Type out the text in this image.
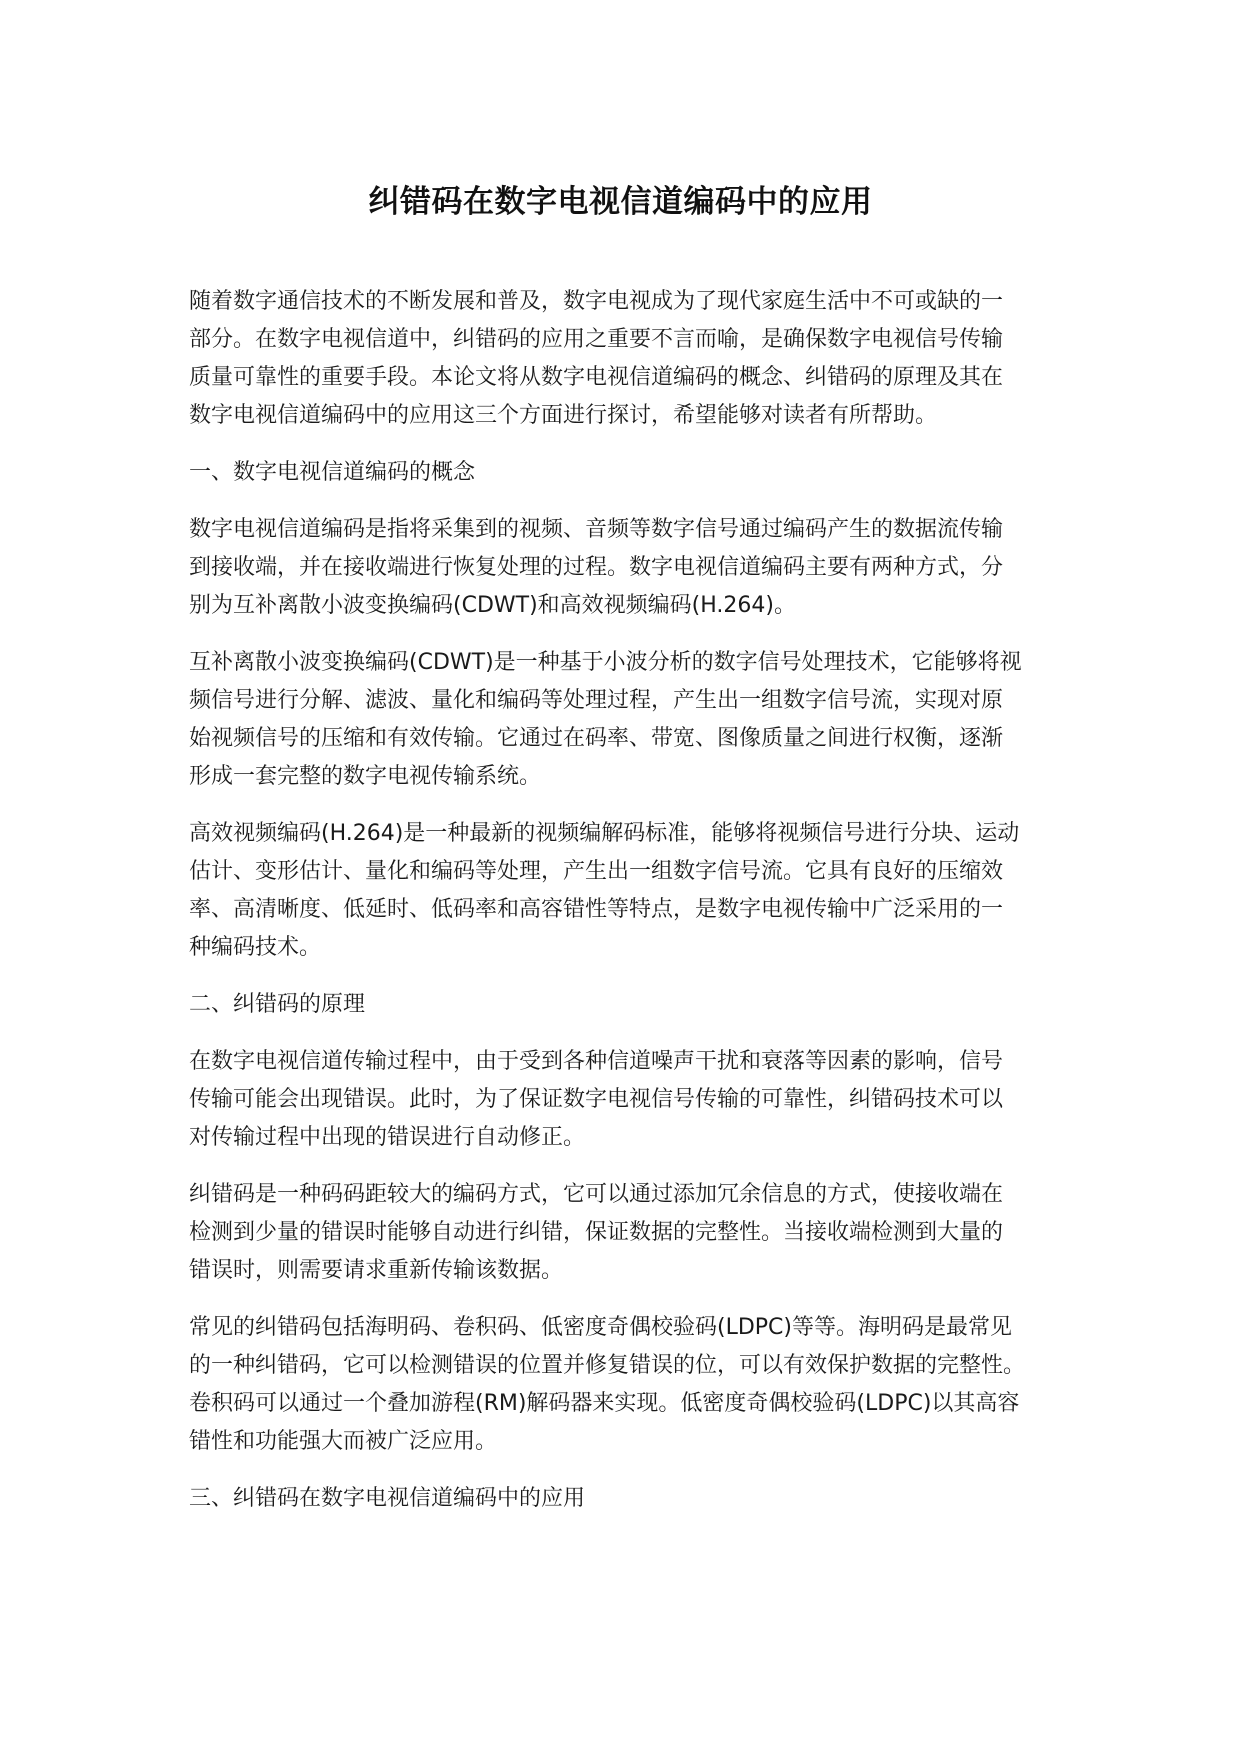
纠错码在数字电视信道编码中的应用
随着数字通信技术的不断发展和普及，数字电视成为了现代家庭生活中不可或缺的一
部分。在数字电视信道中，纠错码的应用之重要不言而喻，是确保数字电视信号传输
质量可靠性的重要手段。本论文将从数字电视信道编码的概念、纠错码的原理及其在
数字电视信道编码中的应用这三个方面进行探讨，希望能够对读者有所帮助。
一、数字电视信道编码的概念
数字电视信道编码是指将采集到的视频、音频等数字信号通过编码产生的数据流传输
到接收端，并在接收端进行恢复处理的过程。数字电视信道编码主要有两种方式，分
别为互补离散小波变换编码(CDWT)和高效视频编码(H.264)。
互补离散小波变换编码(CDWT)是一种基于小波分析的数字信号处理技术，它能够将视
频信号进行分解、滤波、量化和编码等处理过程，产生出一组数字信号流，实现对原
始视频信号的压缩和有效传输。它通过在码率、带宽、图像质量之间进行权衡，逐渐
形成一套完整的数字电视传输系统。
高效视频编码(H.264)是一种最新的视频编解码标准，能够将视频信号进行分块、运动
估计、变形估计、量化和编码等处理，产生出一组数字信号流。它具有良好的压缩效
率、高清晰度、低延时、低码率和高容错性等特点，是数字电视传输中广泛采用的一
种编码技术。
二、纠错码的原理
在数字电视信道传输过程中，由于受到各种信道噪声干扰和衰落等因素的影响，信号
传输可能会出现错误。此时，为了保证数字电视信号传输的可靠性，纠错码技术可以
对传输过程中出现的错误进行自动修正。
纠错码是一种码码距较大的编码方式，它可以通过添加冗余信息的方式，使接收端在
检测到少量的错误时能够自动进行纠错，保证数据的完整性。当接收端检测到大量的
错误时，则需要请求重新传输该数据。
常见的纠错码包括海明码、卷积码、低密度奇偶校验码(LDPC)等等。海明码是最常见
的一种纠错码，它可以检测错误的位置并修复错误的位，可以有效保护数据的完整性。
卷积码可以通过一个叠加游程(RM)解码器来实现。低密度奇偶校验码(LDPC)以其高容
错性和功能强大而被广泛应用。
三、纠错码在数字电视信道编码中的应用
